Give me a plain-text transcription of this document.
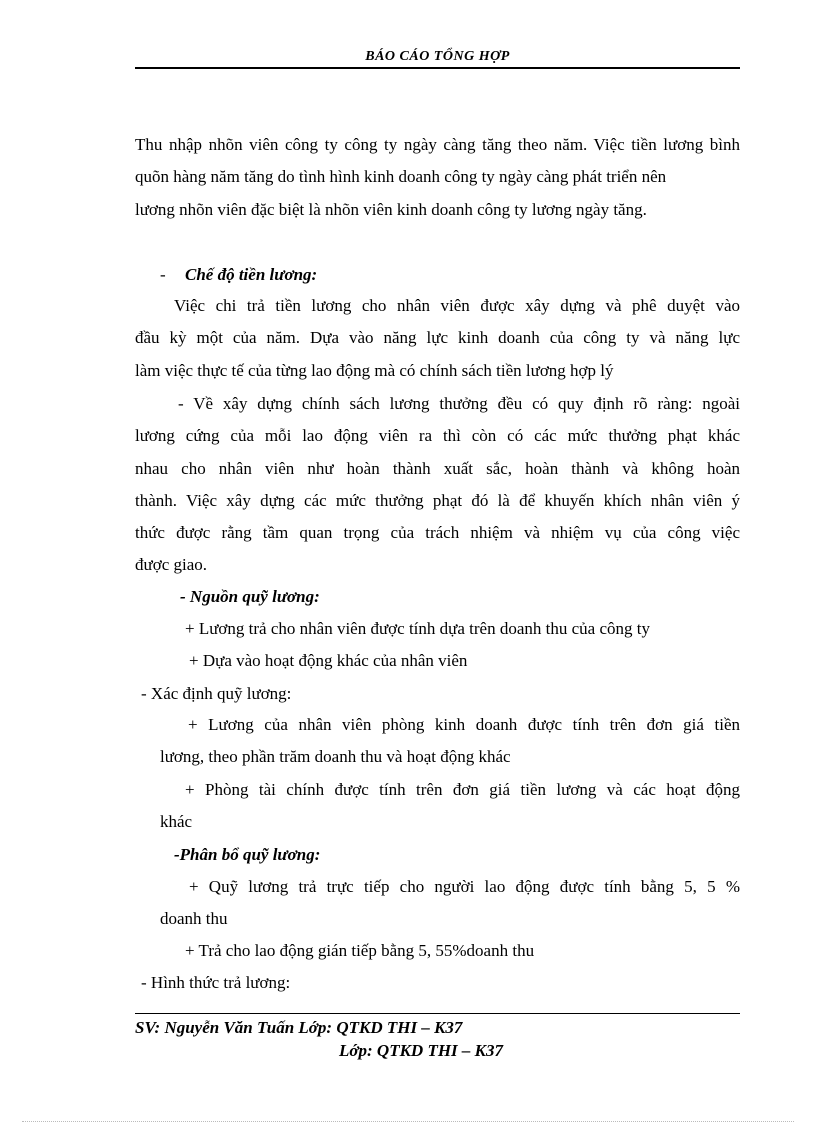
BÁO CÁO TỔNG HỢP
Thu nhập nhõn viên công ty công ty ngày càng tăng theo năm. Việc tiền lương bình
quõn hàng năm tăng do tình hình kinh doanh công ty ngày càng phát triển nên
lương nhõn viên đặc biệt là nhõn viên kinh doanh công ty lương ngày tăng.
- Chế độ tiền lương:
Việc chi trả tiền lương cho nhân viên được xây dựng và phê duyệt vào
đầu kỳ một của năm. Dựa vào năng lực kinh doanh của công ty và năng lực
làm việc thực tế của từng lao động mà có chính sách tiền lương hợp lý
- Về xây dựng chính sách lương thưởng đều có quy định rõ ràng: ngoài
lương cứng của mỗi lao động viên ra thì còn có các mức thưởng phạt khác
nhau cho nhân viên như hoàn thành xuất sắc, hoàn thành và không hoàn
thành. Việc xây dựng các mức thưởng phạt đó là để khuyến khích nhân viên ý
thức được rằng tầm quan trọng của trách nhiệm và nhiệm vụ của công việc
được giao.
- Nguồn quỹ lương:
+ Lương trả cho nhân viên được tính dựa trên doanh thu của công ty
+ Dựa vào hoạt động khác của nhân viên
- Xác định quỹ lương:
+ Lương của nhân viên phòng kinh doanh được tính trên đơn giá tiền
lương, theo phần trăm doanh thu và hoạt động khác
+ Phòng tài chính được tính trên đơn giá tiền lương và các hoạt động
khác
-Phân bổ quỹ lương:
+ Quỹ lương trả trực tiếp cho người lao động được tính bằng 5, 5 %
doanh thu
+ Trả cho lao động gián tiếp bằng 5, 55%doanh thu
- Hình thức trả lương:
SV: Nguyễn Văn Tuấn Lớp: QTKD THI – K37
Lớp: QTKD THI – K37
